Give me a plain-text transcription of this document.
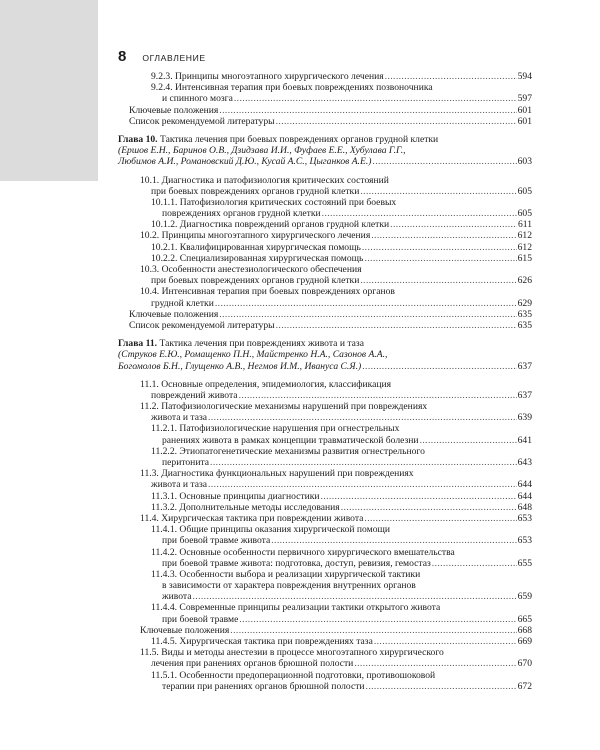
8 ОГЛАВЛЕНИЕ
9.2.3. Принципы многоэтапного хирургического лечения .....	594
9.2.4. Интенсивная терапия при боевых повреждениях позвоночника
и спинного мозга .....	597
Ключевые положения .....	601
Список рекомендуемой литературы .....	601
Глава 10. Тактика лечения при боевых повреждениях органов грудной клетки
(Ершов Е.Н., Баринов О.В., Дзидзава И.И., Фуфаев Е.Е., Хубулава Г.Г.,
Любимов А.И., Романовский Д.Ю., Кусай А.С., Цыганков А.Е.) .....	603
10.1. Диагностика и патофизиология критических состояний
при боевых повреждениях органов грудной клетки .....	605
10.1.1. Патофизиология критических состояний при боевых
повреждениях органов грудной клетки .....	605
10.1.2. Диагностика повреждений органов грудной клетки .....	611
10.2. Принципы многоэтапного хирургического лечения .....	612
10.2.1. Квалифицированная хирургическая помощь .....	612
10.2.2. Специализированная хирургическая помощь .....	615
10.3. Особенности анестезиологического обеспечения
при боевых повреждениях органов грудной клетки .....	626
10.4. Интенсивная терапия при боевых повреждениях органов
грудной клетки .....	629
Ключевые положения .....	635
Список рекомендуемой литературы .....	635
Глава 11. Тактика лечения при повреждениях живота и таза
(Струков Е.Ю., Ромащенко П.Н., Майстренко Н.А., Сазонов А.А.,
Богомолов Б.Н., Глущенко А.В., Негмов И.М., Ивануса С.Я.) .....	637
11.1. Основные определения, эпидемиология, классификация
повреждений живота .....	637
11.2. Патофизиологические механизмы нарушений при повреждениях
живота и таза .....	639
11.2.1. Патофизиологические нарушения при огнестрельных
ранениях живота в рамках концепции травматической болезни .....	641
11.2.2. Этиопатогенетические механизмы развития огнестрельного
перитонита .....	643
11.3. Диагностика функциональных нарушений при повреждениях
живота и таза .....	644
11.3.1. Основные принципы диагностики .....	644
11.3.2. Дополнительные методы исследования .....	648
11.4. Хирургическая тактика при повреждении живота .....	653
11.4.1. Общие принципы оказания хирургической помощи
при боевой травме живота .....	653
11.4.2. Основные особенности первичного хирургического вмешательства
при боевой травме живота: подготовка, доступ, ревизия, гемостаз .....	655
11.4.3. Особенности выбора и реализации хирургической тактики
в зависимости от характера повреждения внутренних органов
живота .....	659
11.4.4. Современные принципы реализации тактики открытого живота
при боевой травме .....	665
Ключевые положения .....	668
11.4.5. Хирургическая тактика при повреждениях таза .....	669
11.5. Виды и методы анестезии в процессе многоэтапного хирургического
лечения при ранениях органов брюшной полости .....	670
11.5.1. Особенности предоперационной подготовки, противошоковой
терапии при ранениях органов брюшной полости .....	672
